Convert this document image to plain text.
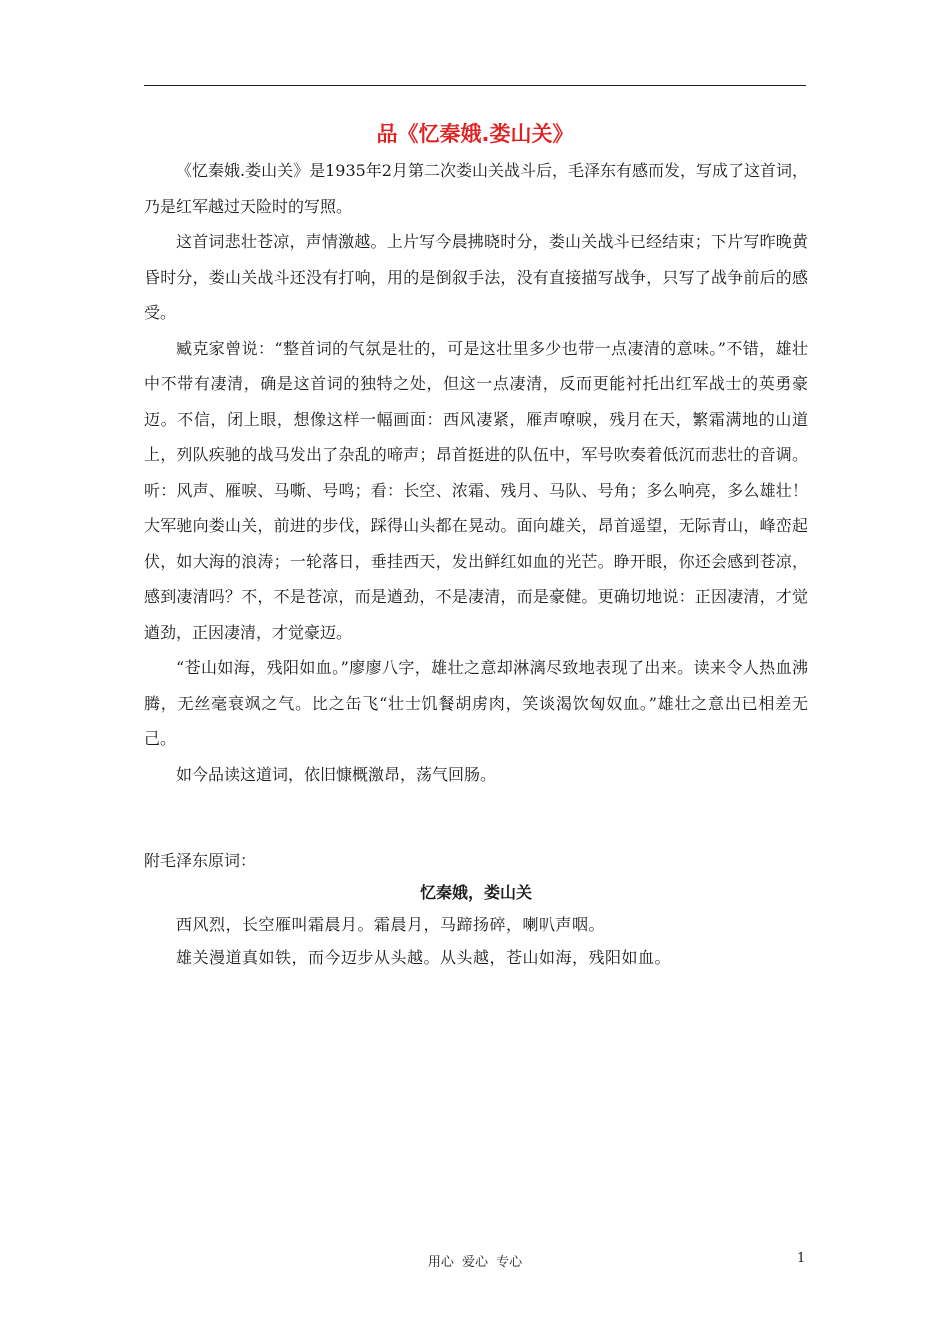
品《忆秦娥.娄山关》

《忆秦娥.娄山关》是1935年2月第二次娄山关战斗后，毛泽东有感而发，写成了这首词，乃是红军越过天险时的写照。

这首词悲壮苍凉，声情激越。上片写今晨拂晓时分，娄山关战斗已经结束；下片写昨晚黄昏时分，娄山关战斗还没有打响，用的是倒叙手法，没有直接描写战争，只写了战争前后的感受。

臧克家曾说：“整首词的气氛是壮的，可是这壮里多少也带一点凄清的意味。”不错，雄壮中不带有凄清，确是这首词的独特之处，但这一点凄清，反而更能衬托出红军战士的英勇豪迈。不信，闭上眼，想像这样一幅画面：西风凄紧，雁声嘹唳，残月在天，繁霜满地的山道上，列队疾驰的战马发出了杂乱的啼声；昂首挺进的队伍中，军号吹奏着低沉而悲壮的音调。听：风声、雁唳、马嘶、号鸣；看：长空、浓霜、残月、马队、号角；多么响亮，多么雄壮！大军驰向娄山关，前进的步伐，踩得山头都在晃动。面向雄关，昂首遥望，无际青山，峰峦起伏，如大海的浪涛；一轮落日，垂挂西天，发出鲜红如血的光芒。睁开眼，你还会感到苍凉，感到凄清吗？不，不是苍凉，而是遒劲，不是凄清，而是豪健。更确切地说：正因凄清，才觉遒劲，正因凄清，才觉豪迈。

“苍山如海，残阳如血。”廖廖八字，雄壮之意却淋漓尽致地表现了出来。读来令人热血沸腾，无丝毫衰飒之气。比之缶飞“壮士饥餐胡虏肉，笑谈渴饮匈奴血。”雄壮之意出已相差无己。

如今品读这道词，依旧慷概激昂，荡气回肠。

附毛泽东原词：
忆秦娥，娄山关
西风烈，长空雁叫霜晨月。霜晨月，马蹄扬碎，喇叭声咽。
雄关漫道真如铁，而今迈步从头越。从头越，苍山如海，残阳如血。
用心 爱心 专心	1
